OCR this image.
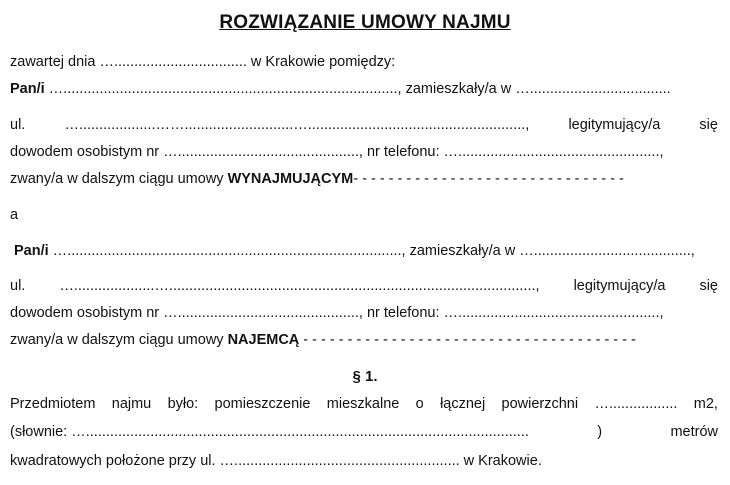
ROZWIĄZANIE UMOWY NAJMU
zawartej dnia …................................. w Krakowie pomiędzy:
Pan/i …..................................................................................., zamieszkały/a w …...................................
ul.	…...................……...........................…......................................................,	legitymujący/a	się
dowodem osobistym nr …............................................., nr telefonu: …..................................................,
zwany/a w dalszym ciągu umowy WYNAJMUJĄCYM- - - - - - - - - - - - - - - - - - - - - - - - - - - - - - -
a
Pan/i …..................................................................................., zamieszkały/a w ….......................................,
ul. …....................…..........................................................................................., legitymujący/a się
dowodem osobistym nr …............................................., nr telefonu: …..................................................,
zwany/a w dalszym ciągu umowy NAJEMCĄ - - - - - - - - - - - - - - - - - - - - - - - - - - - - - - - - - - - - - -
§ 1.
Przedmiotem najmu było: pomieszczenie mieszkalne o łącznej powierzchni …................. m2,
(słownie: …..............................................................................................................	)	metrów
kwadratowych położone przy ul. …........................................................ w Krakowie.
